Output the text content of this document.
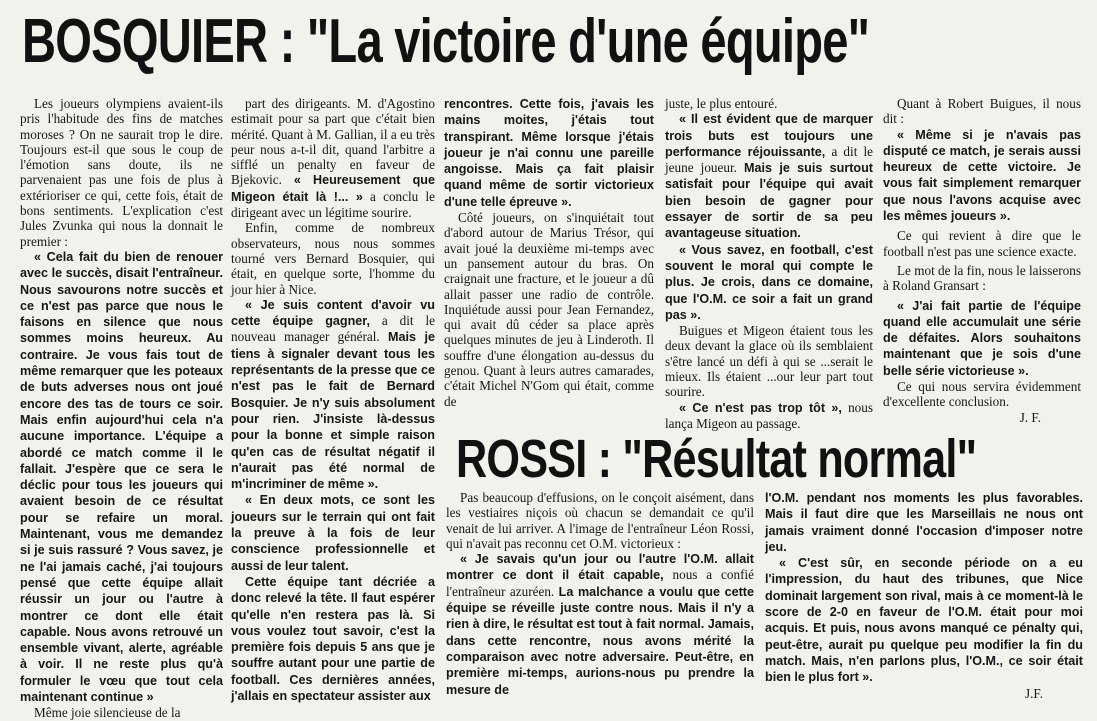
BOSQUIER : "La victoire d'une équipe"

Les joueurs olympiens avaient-ils pris l'habitude des fins de matches moroses ? On ne saurait trop le dire. Toujours est-il que sous le coup de l'émotion sans doute, ils ne parvenaient pas une fois de plus à extérioriser ce qui, cette fois, était de bons sentiments. L'explication c'est Jules Zvunka qui nous la donnait le premier :

« Cela fait du bien de renouer avec le succès, disait l'entraîneur. Nous savourons notre succès et ce n'est pas parce que nous le faisons en silence que nous sommes moins heureux. Au contraire. Je vous fais tout de même remarquer que les poteaux de buts adverses nous ont joué encore des tas de tours ce soir. Mais enfin aujourd'hui cela n'a aucune importance. L'équipe a abordé ce match comme il le fallait. J'espère que ce sera le déclic pour tous les joueurs qui avaient besoin de ce résultat pour se refaire un moral. Maintenant, vous me demandez si je suis rassuré ? Vous savez, je ne l'ai jamais caché, j'ai toujours pensé que cette équipe allait réussir un jour ou l'autre à montrer ce dont elle était capable. Nous avons retrouvé un ensemble vivant, alerte, agréable à voir. Il ne reste plus qu'à formuler le vœu que tout cela maintenant continue »

Même joie silencieuse de la

part des dirigeants. M. d'Agostino estimait pour sa part que c'était bien mérité. Quant à M. Gallian, il a eu très peur nous a-t-il dit, quand l'arbitre a sifflé un penalty en faveur de Bjekovic. « Heureusement que Migeon était là !... » a conclu le dirigeant avec un légitime sourire.

Enfin, comme de nombreux observateurs, nous nous sommes tourné vers Bernard Bosquier, qui était, en quelque sorte, l'homme du jour hier à Nice.

« Je suis content d'avoir vu cette équipe gagner, a dit le nouveau manager général. Mais je tiens à signaler devant tous les représentants de la presse que ce n'est pas le fait de Bernard Bosquier. Je n'y suis absolument pour rien. J'insiste là-dessus pour la bonne et simple raison qu'en cas de résultat négatif il n'aurait pas été normal de m'incriminer de même ».

« En deux mots, ce sont les joueurs sur le terrain qui ont fait la preuve à la fois de leur conscience professionnelle et aussi de leur talent.

Cette équipe tant décriée a donc relevé la tête. Il faut espérer qu'elle n'en restera pas là. Si vous voulez tout savoir, c'est la première fois depuis 5 ans que je souffre autant pour une partie de football. Ces dernières années, j'allais en spectateur assister aux

rencontres. Cette fois, j'avais les mains moites, j'étais tout transpirant. Même lorsque j'étais joueur je n'ai connu une pareille angoisse. Mais ça fait plaisir quand même de sortir victorieux d'une telle épreuve ».

Côté joueurs, on s'inquiétait tout d'abord autour de Marius Trésor, qui avait joué la deuxième mi-temps avec un pansement autour du bras. On craignait une fracture, et le joueur a dû allait passer une radio de contrôle. Inquiétude aussi pour Jean Fernandez, qui avait dû céder sa place après quelques minutes de jeu à Linderoth. Il souffre d'une élongation au-dessus du genou. Quant à leurs autres camarades, c'était Michel N'Gom qui était, comme de

juste, le plus entouré.

« Il est évident que de marquer trois buts est toujours une performance réjouissante, a dit le jeune joueur. Mais je suis surtout satisfait pour l'équipe qui avait bien besoin de gagner pour essayer de sortir de sa peu avantageuse situation.

« Vous savez, en football, c'est souvent le moral qui compte le plus. Je crois, dans ce domaine, que l'O.M. ce soir a fait un grand pas ».

Buigues et Migeon étaient tous les deux devant la glace où ils semblaient s'être lancé un défi à qui se ...serait le mieux. Ils étaient ...our leur part tout sourire.

« Ce n'est pas trop tôt », nous lança Migeon au passage.

Quant à Robert Buigues, il nous dit :

« Même si je n'avais pas disputé ce match, je serais aussi heureux de cette victoire. Je vous fait simplement remarquer que nous l'avons acquise avec les mêmes joueurs ».

Ce qui revient à dire que le football n'est pas une science exacte.

Le mot de la fin, nous le laisserons à Roland Gransart :

« J'ai fait partie de l'équipe quand elle accumulait une série de défaites. Alors souhaitons maintenant que je sois d'une belle série victorieuse ».

Ce qui nous servira évidemment d'excellente conclusion.

J. F.

ROSSI : "Résultat normal"

Pas beaucoup d'effusions, on le conçoit aisément, dans les vestiaires niçois où chacun se demandait ce qu'il venait de lui arriver. A l'image de l'entraîneur Léon Rossi, qui n'avait pas reconnu cet O.M. victorieux :

« Je savais qu'un jour ou l'autre l'O.M. allait montrer ce dont il était capable, nous a confié l'entraîneur azuréen. La malchance a voulu que cette équipe se réveille juste contre nous. Mais il n'y a rien à dire, le résultat est tout à fait normal. Jamais, dans cette rencontre, nous avons mérité la comparaison avec notre adversaire. Peut-être, en première mi-temps, aurions-nous pu prendre la mesure de

l'O.M. pendant nos moments les plus favorables. Mais il faut dire que les Marseillais ne nous ont jamais vraiment donné l'occasion d'imposer notre jeu.

« C'est sûr, en seconde période on a eu l'impression, du haut des tribunes, que Nice dominait largement son rival, mais à ce moment-là le score de 2-0 en faveur de l'O.M. était pour moi acquis. Et puis, nous avons manqué ce pénalty qui, peut-être, aurait pu quelque peu modifier la fin du match. Mais, n'en parlons plus, l'O.M., ce soir était bien le plus fort ».

J.F.
